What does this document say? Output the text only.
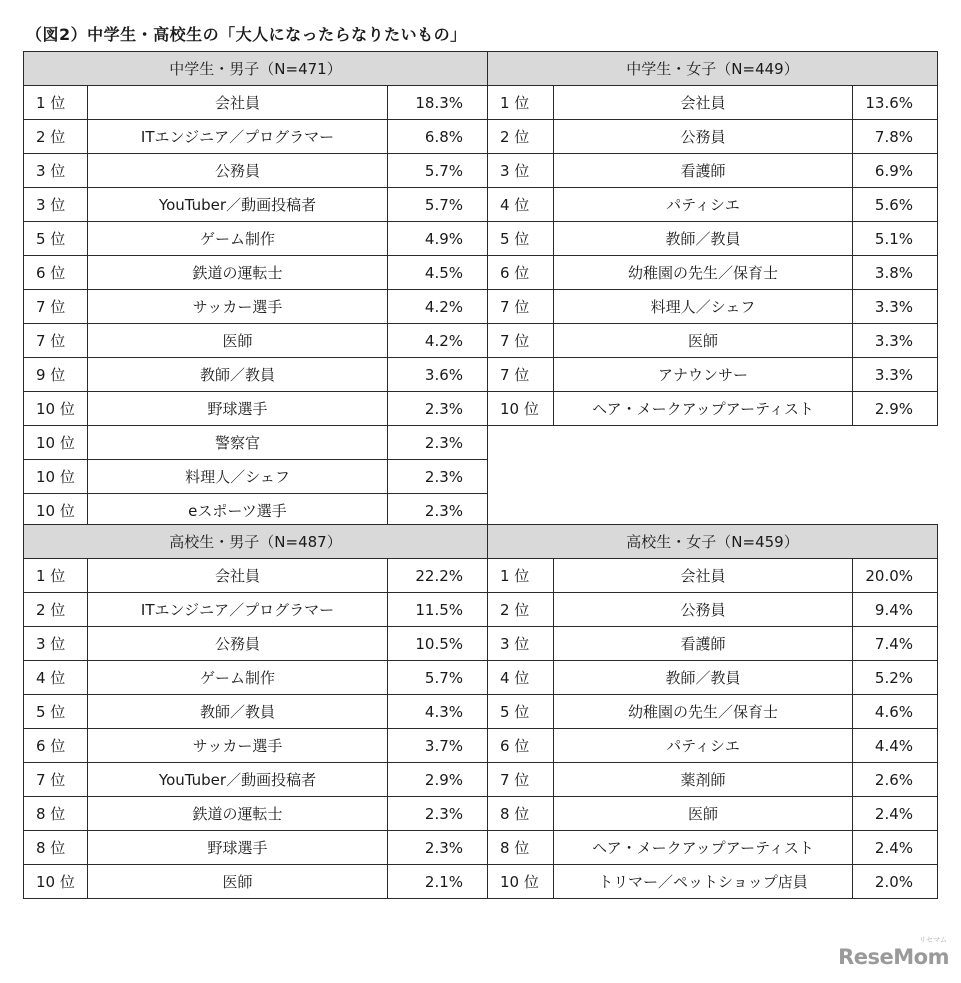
（図2）中学生・高校生の「大人になったらなりたいもの」
中学生・男子（N=471）		
1 位	会社員	18.3%
2 位	ITエンジニア／プログラマー	6.8%
3 位	公務員	5.7%
3 位	YouTuber／動画投稿者	5.7%
5 位	ゲーム制作	4.9%
6 位	鉄道の運転士	4.5%
7 位	サッカー選手	4.2%
7 位	医師	4.2%
9 位	教師／教員	3.6%
10 位	野球選手	2.3%
10 位	警察官	2.3%
10 位	料理人／シェフ	2.3%
10 位	eスポーツ選手	2.3%
中学生・女子（N=449）		
1 位	会社員	13.6%
2 位	公務員	7.8%
3 位	看護師	6.9%
4 位	パティシエ	5.6%
5 位	教師／教員	5.1%
6 位	幼稚園の先生／保育士	3.8%
7 位	料理人／シェフ	3.3%
7 位	医師	3.3%
7 位	アナウンサー	3.3%
10 位	ヘア・メークアップアーティスト	2.9%
高校生・男子（N=487）		
1 位	会社員	22.2%
2 位	ITエンジニア／プログラマー	11.5%
3 位	公務員	10.5%
4 位	ゲーム制作	5.7%
5 位	教師／教員	4.3%
6 位	サッカー選手	3.7%
7 位	YouTuber／動画投稿者	2.9%
8 位	鉄道の運転士	2.3%
8 位	野球選手	2.3%
10 位	医師	2.1%
高校生・女子（N=459）		
1 位	会社員	20.0%
2 位	公務員	9.4%
3 位	看護師	7.4%
4 位	教師／教員	5.2%
5 位	幼稚園の先生／保育士	4.6%
6 位	パティシエ	4.4%
7 位	薬剤師	2.6%
8 位	医師	2.4%
8 位	ヘア・メークアップアーティスト	2.4%
10 位	トリマー／ペットショップ店員	2.0%
リセマム
ReseMom
